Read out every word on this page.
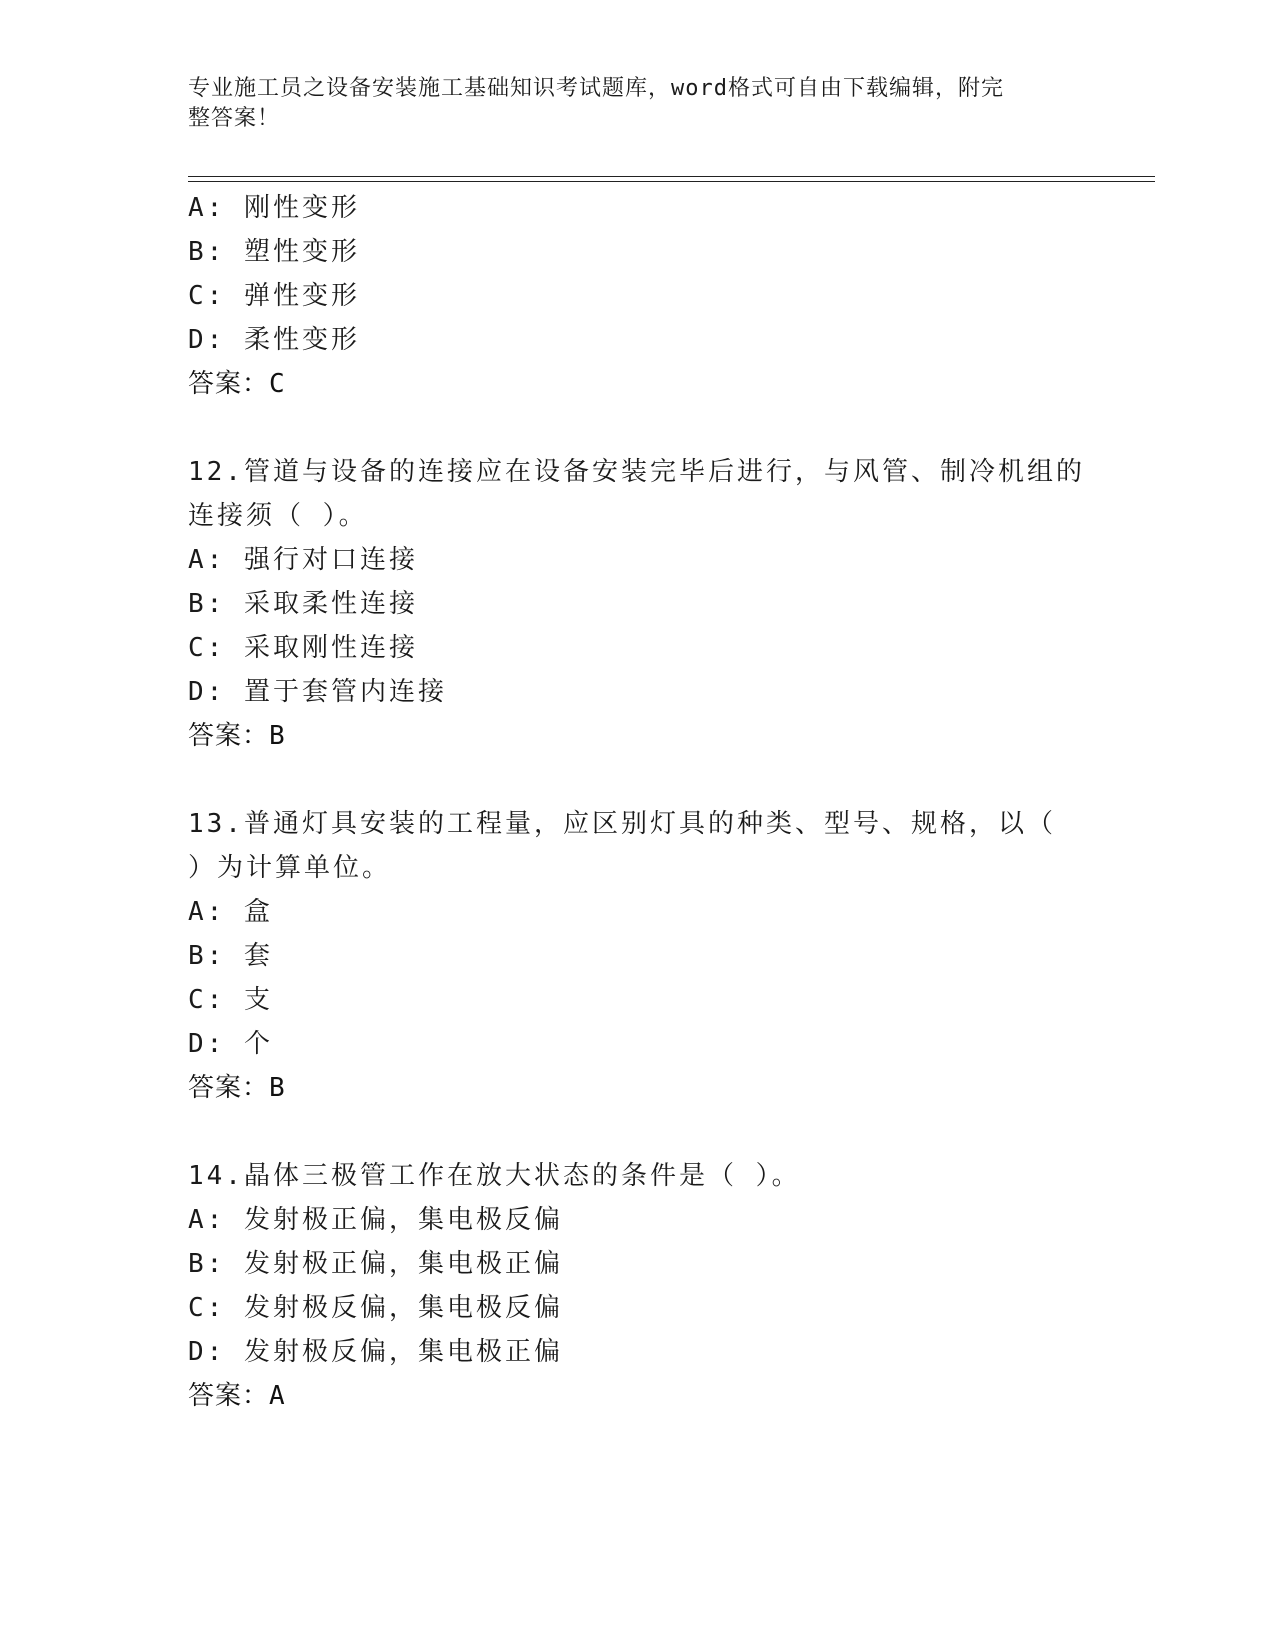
专业施工员之设备安装施工基础知识考试题库，word格式可自由下载编辑，附完
整答案！
A: 刚性变形
B: 塑性变形
C: 弹性变形
D: 柔性变形
答案：C
12.管道与设备的连接应在设备安装完毕后进行，与风管、制冷机组的
连接须（ ）。
A: 强行对口连接
B: 采取柔性连接
C: 采取刚性连接
D: 置于套管内连接
答案：B
13.普通灯具安装的工程量，应区别灯具的种类、型号、规格，以（
）为计算单位。
A: 盒
B: 套
C: 支
D: 个
答案：B
14.晶体三极管工作在放大状态的条件是（ ）。
A: 发射极正偏，集电极反偏
B: 发射极正偏，集电极正偏
C: 发射极反偏，集电极反偏
D: 发射极反偏，集电极正偏
答案：A
